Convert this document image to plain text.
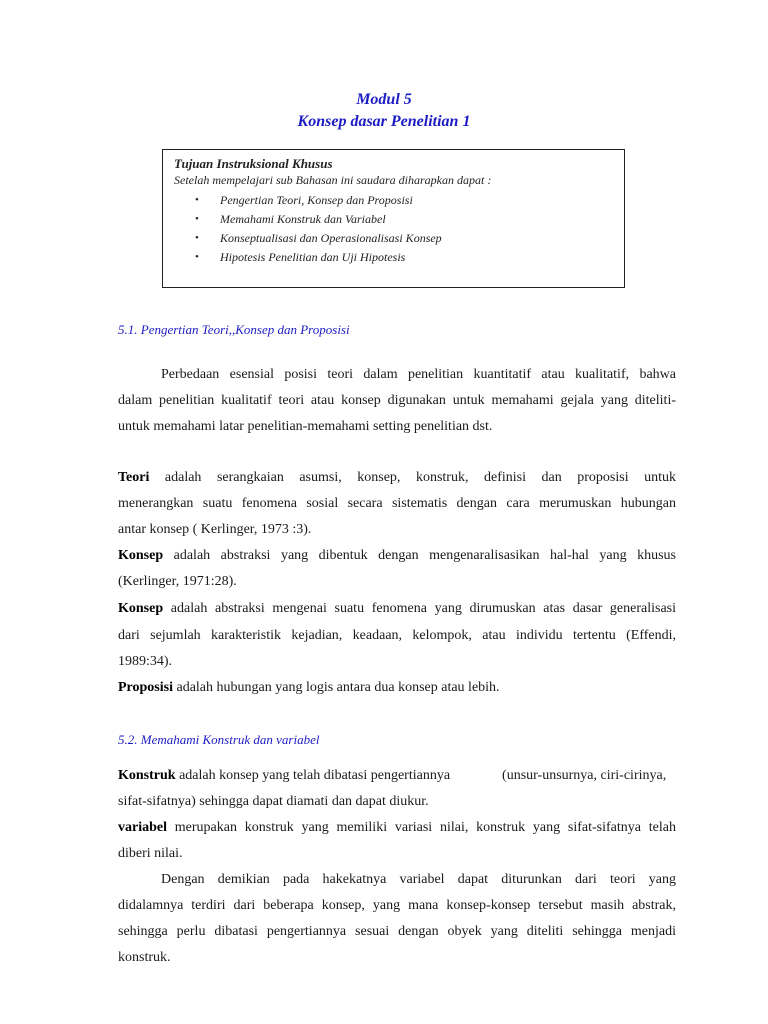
Modul 5
Konsep dasar Penelitian 1
Tujuan Instruksional Khusus
Setelah mempelajari sub Bahasan ini saudara diharapkan dapat :
• Pengertian Teori, Konsep dan Proposisi
• Memahami Konstruk dan Variabel
• Konseptualisasi dan Operasionalisasi Konsep
• Hipotesis Penelitian dan Uji Hipotesis
5.1. Pengertian Teori,,Konsep dan Proposisi
Perbedaan esensial posisi teori dalam penelitian kuantitatif atau kualitatif, bahwa
dalam penelitian kualitatif teori atau konsep digunakan untuk memahami gejala yang diteliti-
untuk memahami latar penelitian-memahami setting penelitian dst.
Teori adalah serangkaian asumsi, konsep, konstruk, definisi dan proposisi untuk
menerangkan suatu fenomena sosial secara sistematis dengan cara merumuskan hubungan
antar konsep ( Kerlinger, 1973 :3).
Konsep adalah abstraksi yang dibentuk dengan mengenaralisasikan hal-hal yang khusus
(Kerlinger, 1971:28).
Konsep adalah abstraksi mengenai suatu fenomena yang dirumuskan atas dasar generalisasi
dari sejumlah karakteristik kejadian, keadaan, kelompok, atau individu tertentu (Effendi,
1989:34).
Proposisi adalah hubungan yang logis antara dua konsep atau lebih.
5.2. Memahami Konstruk dan variabel
Konstruk adalah konsep yang telah dibatasi pengertiannya	(unsur-unsurnya, ciri-cirinya,
sifat-sifatnya) sehingga dapat diamati dan dapat diukur.
variabel merupakan konstruk yang memiliki variasi nilai, konstruk yang sifat-sifatnya telah
diberi nilai.
Dengan demikian pada hakekatnya variabel dapat diturunkan dari teori yang
didalamnya terdiri dari beberapa konsep, yang mana konsep-konsep tersebut masih abstrak,
sehingga perlu dibatasi pengertiannya sesuai dengan obyek yang diteliti sehingga menjadi
konstruk.
